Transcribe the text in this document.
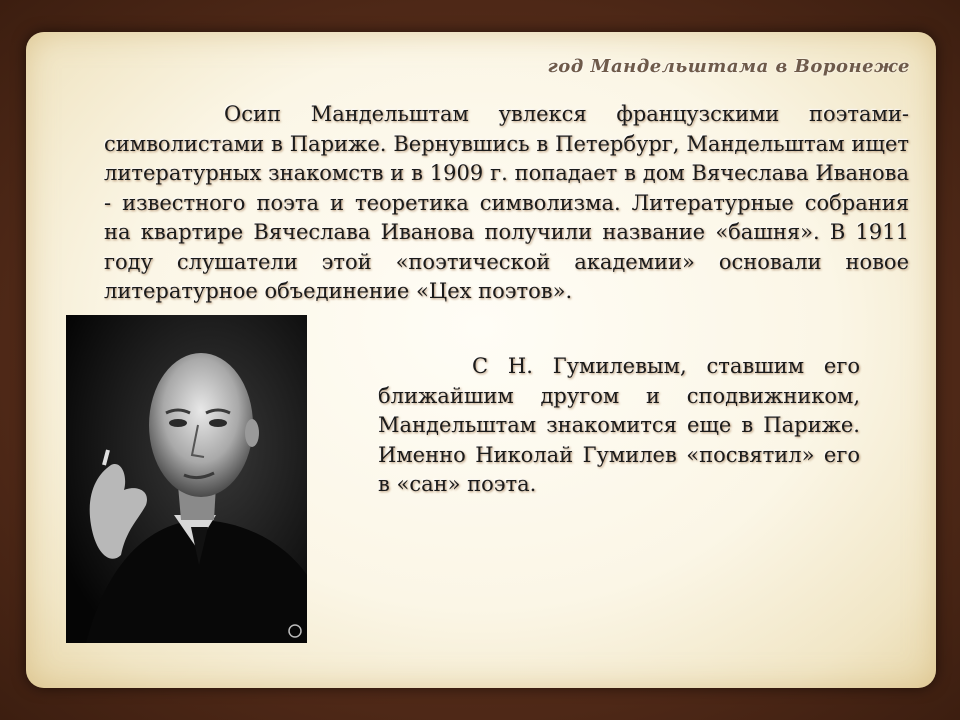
год Мандельштама в Воронеже
Осип Мандельштам увлекся французскими поэтами-символистами в Париже. Вернувшись в Петербург, Мандельштам ищет литературных знакомств и в 1909 г. попадает в дом Вячеслава Иванова - известного поэта и теоретика символизма. Литературные собрания на квартире Вячеслава Иванова получили название «башня». В 1911 году слушатели этой «поэтической академии» основали новое литературное объединение «Цех поэтов».
С Н. Гумилевым, ставшим его ближайшим другом и сподвижником, Мандельштам знакомится еще в Париже. Именно Николай Гумилев «посвятил» его в «сан» поэта.
